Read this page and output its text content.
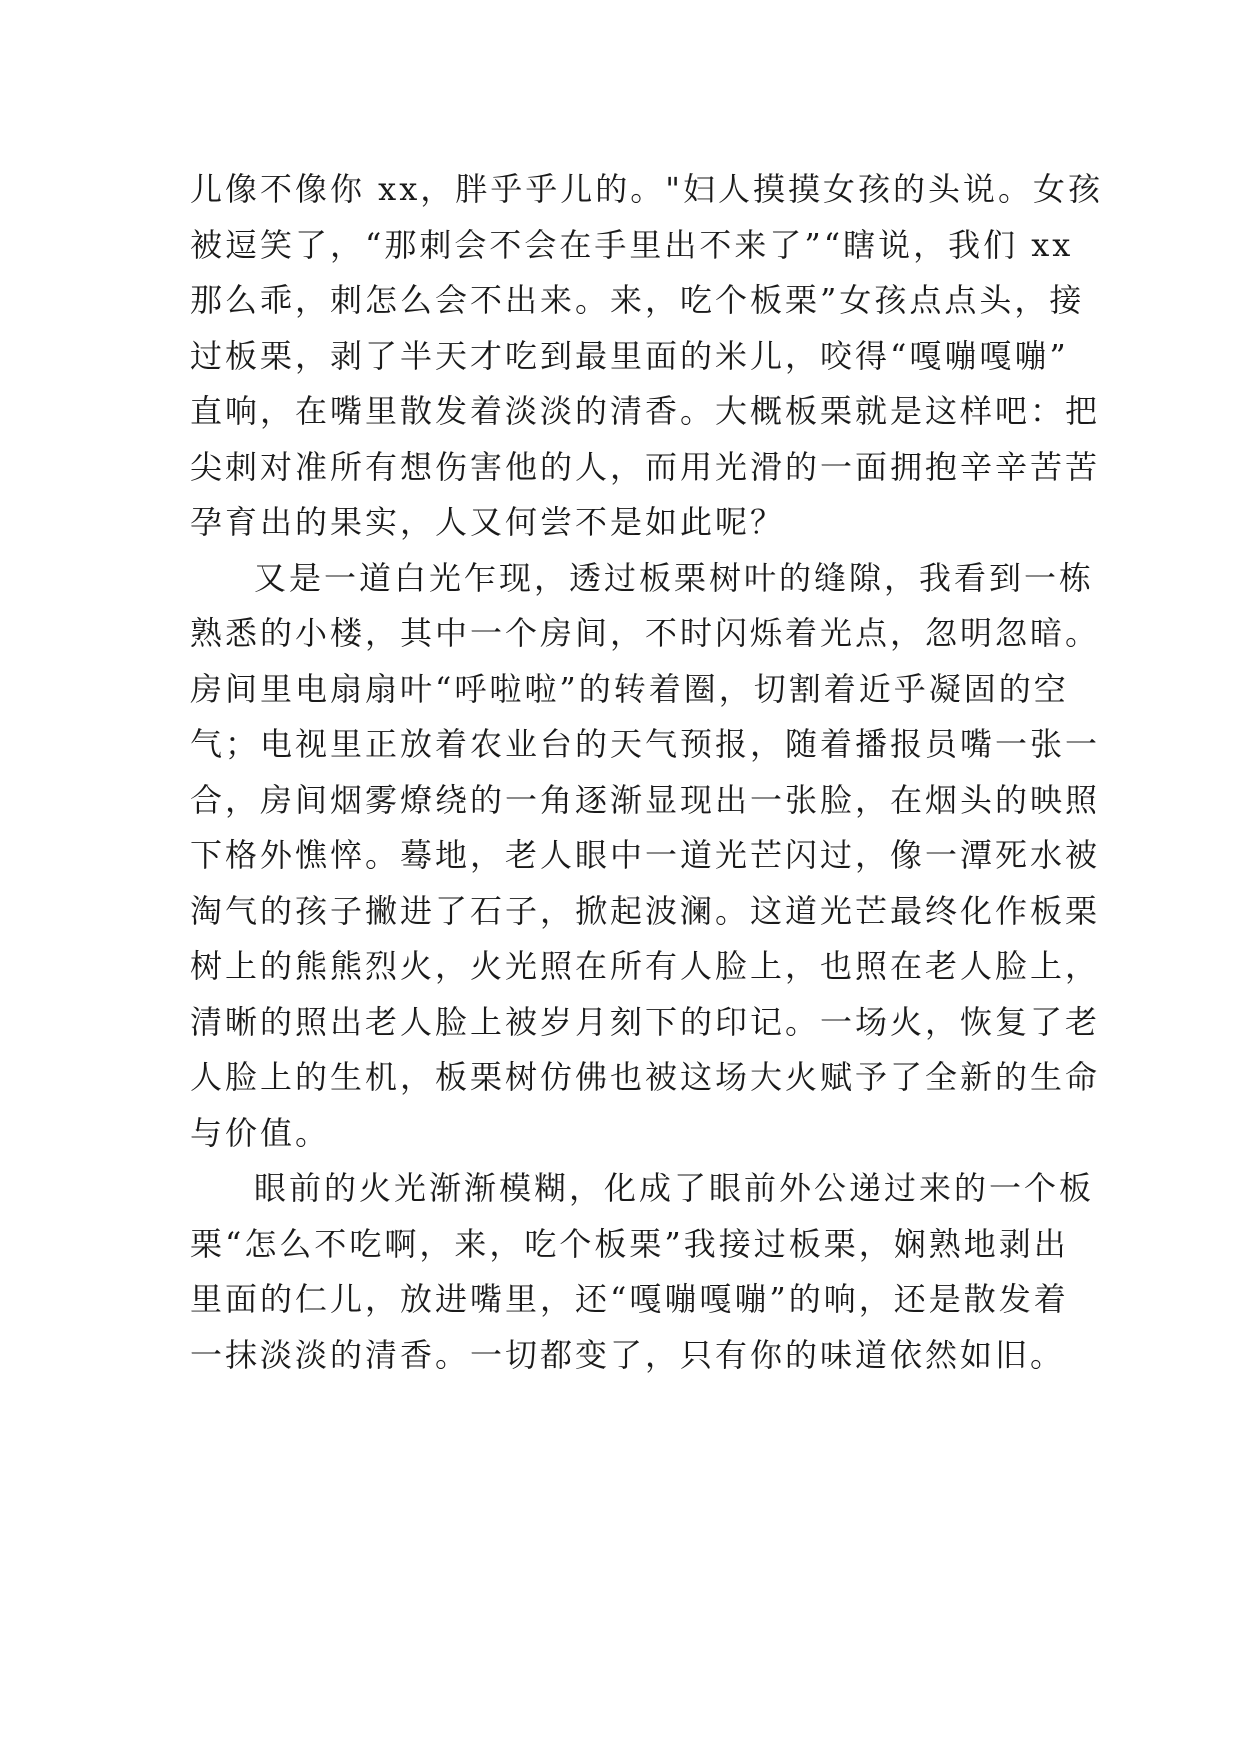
儿像不像你 xx，胖乎乎儿的。"妇人摸摸女孩的头说。女孩
被逗笑了，“那刺会不会在手里出不来了”“瞎说，我们 xx
那么乖，刺怎么会不出来。来，吃个板栗”女孩点点头，接
过板栗，剥了半天才吃到最里面的米儿，咬得“嘎嘣嘎嘣”
直响，在嘴里散发着淡淡的清香。大概板栗就是这样吧：把
尖刺对准所有想伤害他的人，而用光滑的一面拥抱辛辛苦苦
孕育出的果实，人又何尝不是如此呢？
又是一道白光乍现，透过板栗树叶的缝隙，我看到一栋
熟悉的小楼，其中一个房间，不时闪烁着光点，忽明忽暗。
房间里电扇扇叶“呼啦啦”的转着圈，切割着近乎凝固的空
气；电视里正放着农业台的天气预报，随着播报员嘴一张一
合，房间烟雾燎绕的一角逐渐显现出一张脸，在烟头的映照
下格外憔悴。蓦地，老人眼中一道光芒闪过，像一潭死水被
淘气的孩子撇进了石子，掀起波澜。这道光芒最终化作板栗
树上的熊熊烈火，火光照在所有人脸上，也照在老人脸上，
清晰的照出老人脸上被岁月刻下的印记。一场火，恢复了老
人脸上的生机，板栗树仿佛也被这场大火赋予了全新的生命
与价值。
眼前的火光渐渐模糊，化成了眼前外公递过来的一个板
栗“怎么不吃啊，来，吃个板栗”我接过板栗，娴熟地剥出
里面的仁儿，放进嘴里，还“嘎嘣嘎嘣”的响，还是散发着
一抹淡淡的清香。一切都变了，只有你的味道依然如旧。
